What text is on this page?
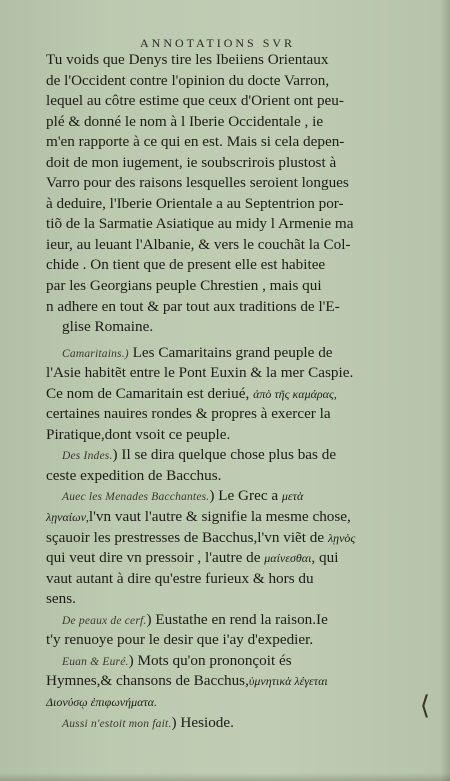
ANNOTATIONS SVR
Tu voids que Denys tire les Ibeiiens Orientaux
de l'Occident contre l'opinion du docte Varron,
lequel au côtre estime que ceux d'Orient ont peu-
plé & donné le nom à l Iberie Occidentale , ie
m'en rapporte à ce qui en est. Mais si cela depen-
doit de mon iugement, ie soubscrirois plustost à
Varro pour des raisons lesquelles seroient longues
à deduire, l'Iberie Orientale a au Septentrion por-
tiõ de la Sarmatie Asiatique au midy l Armenie ma
ieur, au leuant l'Albanie, & vers le couchãt la Col-
chide . On tient que de present elle est habitee
par les Georgians peuple Chrestien , mais qui
n adhere en tout & par tout aux traditions de l'E-
glise Romaine.
Camaritains.) Les Camaritains grand peuple de
l'Asie habitẽt entre le Pont Euxin & la mer Caspie.
Ce nom de Camaritain est deriué, ἀπὸ τῆς καμάρας,
certaines nauires rondes & propres à exercer la
Piratique,dont vsoit ce peuple.
Des Indes.) Il se dira quelque chose plus bas de
ceste expedition de Bacchus.
Auec les Menades Bacchantes.) Le Grec a μετὰ
λῃναίων,l'vn vaut l'autre & signifie la mesme chose,
sçauoir les prestresses de Bacchus,l'vn viẽt de λῃνὸς
qui veut dire vn pressoir , l'autre de μαίνεσθαι, qui
vaut autant à dire qu'estre furieux & hors du
sens.
De peaux de cerf.) Eustathe en rend la raison.Ie
t'y renuoye pour le desir que i'ay d'expedier.
Euan & Euré.) Mots qu'on prononçoit és
Hymnes,& chansons de Bacchus,ὑμνητικὰ λέγεται
Διονύσῳ ἐπιφωνήματα.
Aussi n'estoit mon fait.) Hesiode.
⟨
